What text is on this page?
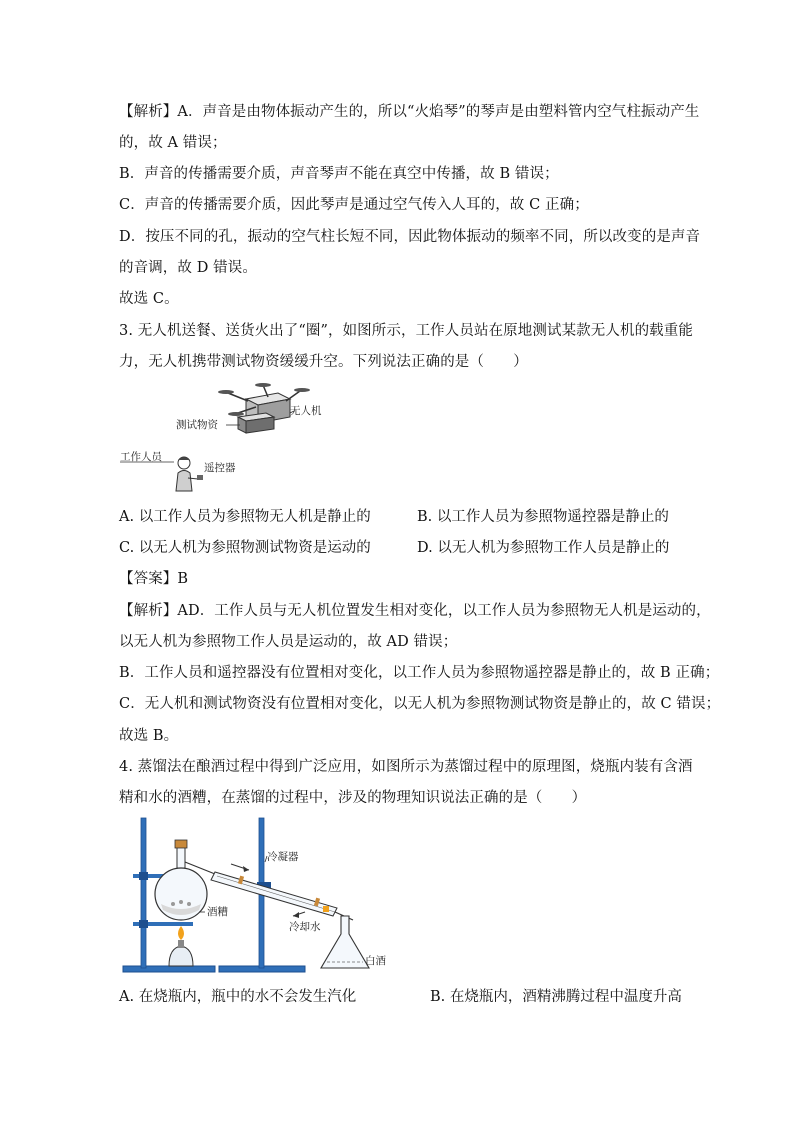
【解析】A．声音是由物体振动产生的，所以“火焰琴”的琴声是由塑料管内空气柱振动产生
的，故 A 错误；
B．声音的传播需要介质，声音琴声不能在真空中传播，故 B 错误；
C．声音的传播需要介质，因此琴声是通过空气传入人耳的，故 C 正确；
D．按压不同的孔，振动的空气柱长短不同，因此物体振动的频率不同，所以改变的是声音
的音调，故 D 错误。
故选 C。
3. 无人机送餐、送货火出了“圈”，如图所示，工作人员站在原地测试某款无人机的载重能
力，无人机携带测试物资缓缓升空。下列说法正确的是（　　）
无人机
测试物资
工作人员
遥控器
A. 以工作人员为参照物无人机是静止的	B. 以工作人员为参照物遥控器是静止的
C. 以无人机为参照物测试物资是运动的	D. 以无人机为参照物工作人员是静止的
【答案】B
【解析】AD．工作人员与无人机位置发生相对变化，以工作人员为参照物无人机是运动的，
以无人机为参照物工作人员是运动的，故 AD 错误；
B．工作人员和遥控器没有位置相对变化，以工作人员为参照物遥控器是静止的，故 B 正确；
C．无人机和测试物资没有位置相对变化，以无人机为参照物测试物资是静止的，故 C 错误；
故选 B。
4. 蒸馏法在酿酒过程中得到广泛应用，如图所示为蒸馏过程中的原理图，烧瓶内装有含酒
精和水的酒糟，在蒸馏的过程中，涉及的物理知识说法正确的是（　　）
酒糟
冷凝器
冷却水
白酒
A. 在烧瓶内，瓶中的水不会发生汽化	B. 在烧瓶内，酒精沸腾过程中温度升高
